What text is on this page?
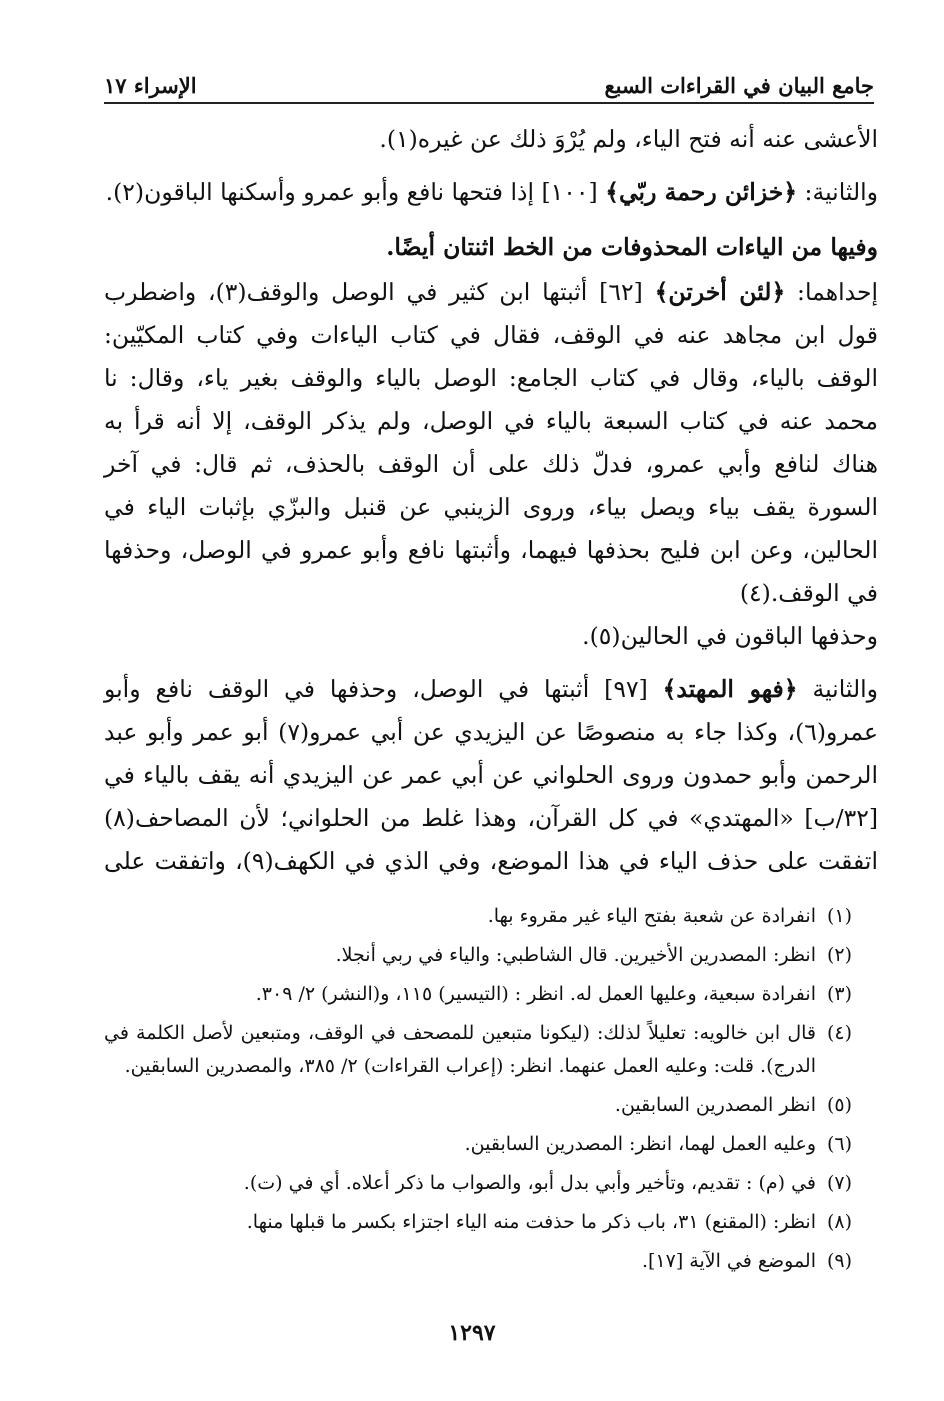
جامع البيان في القراءات السبع
الإسراء ١٧

الأعشى عنه أنه فتح الياء، ولم يُرْوَ ذلك عن غيره(١).

والثانية: ﴿خزائن رحمة ربّي﴾ [١٠٠] إذا فتحها نافع وأبو عمرو وأسكنها الباقون(٢).

وفيها من الياءات المحذوفات من الخط اثنتان أيضًا.

إحداهما: ﴿لئن أخرتن﴾ [٦٢] أثبتها ابن كثير في الوصل والوقف(٣)، واضطرب قول ابن مجاهد عنه في الوقف، فقال في كتاب الياءات وفي كتاب المكيّين: الوقف بالياء، وقال في كتاب الجامع: الوصل بالياء والوقف بغير ياء، وقال: نا محمد عنه في كتاب السبعة بالياء في الوصل، ولم يذكر الوقف، إلا أنه قرأ به هناك لنافع وأبي عمرو، فدلّ ذلك على أن الوقف بالحذف، ثم قال: في آخر السورة يقف بياء ويصل بياء، وروى الزينبي عن قنبل والبزّي بإثبات الياء في الحالين، وعن ابن فليح بحذفها فيهما، وأثبتها نافع وأبو عمرو في الوصل، وحذفها في الوقف.(٤)

وحذفها الباقون في الحالين(٥).

والثانية ﴿فهو المهتد﴾ [٩٧] أثبتها في الوصل، وحذفها في الوقف نافع وأبو عمرو(٦)، وكذا جاء به منصوصًا عن اليزيدي عن أبي عمرو(٧) أبو عمر وأبو عبد الرحمن وأبو حمدون وروى الحلواني عن أبي عمر عن اليزيدي أنه يقف بالياء في [٣٢/ب] «المهتدي» في كل القرآن، وهذا غلط من الحلواني؛ لأن المصاحف(٨) اتفقت على حذف الياء في هذا الموضع، وفي الذي في الكهف(٩)، واتفقت على

(١)
انفرادة عن شعبة بفتح الياء غير مقروء بها.
(٢)
انظر: المصدرين الأخيرين. قال الشاطبي: والياء في ربي أنجلا.
(٣)
انفرادة سبعية، وعليها العمل له. انظر : (التيسير) ١١٥، و(النشر) ٢/ ٣٠٩.
(٤)
قال ابن خالويه: تعليلاً لذلك: (ليكونا متبعين للمصحف في الوقف، ومتبعين لأصل الكلمة في الدرج). قلت: وعليه العمل عنهما. انظر: (إعراب القراءات) ٢/ ٣٨٥، والمصدرين السابقين.
(٥)
انظر المصدرين السابقين.
(٦)
وعليه العمل لهما، انظر: المصدرين السابقين.
(٧)
في (م) : تقديم، وتأخير وأبي بدل أبو، والصواب ما ذكر أعلاه. أي في (ت).
(٨)
انظر: (المقنع) ٣١، باب ذكر ما حذفت منه الياء اجتزاء بكسر ما قبلها منها.
(٩)
الموضع في الآية [١٧].
١٢٩٧
